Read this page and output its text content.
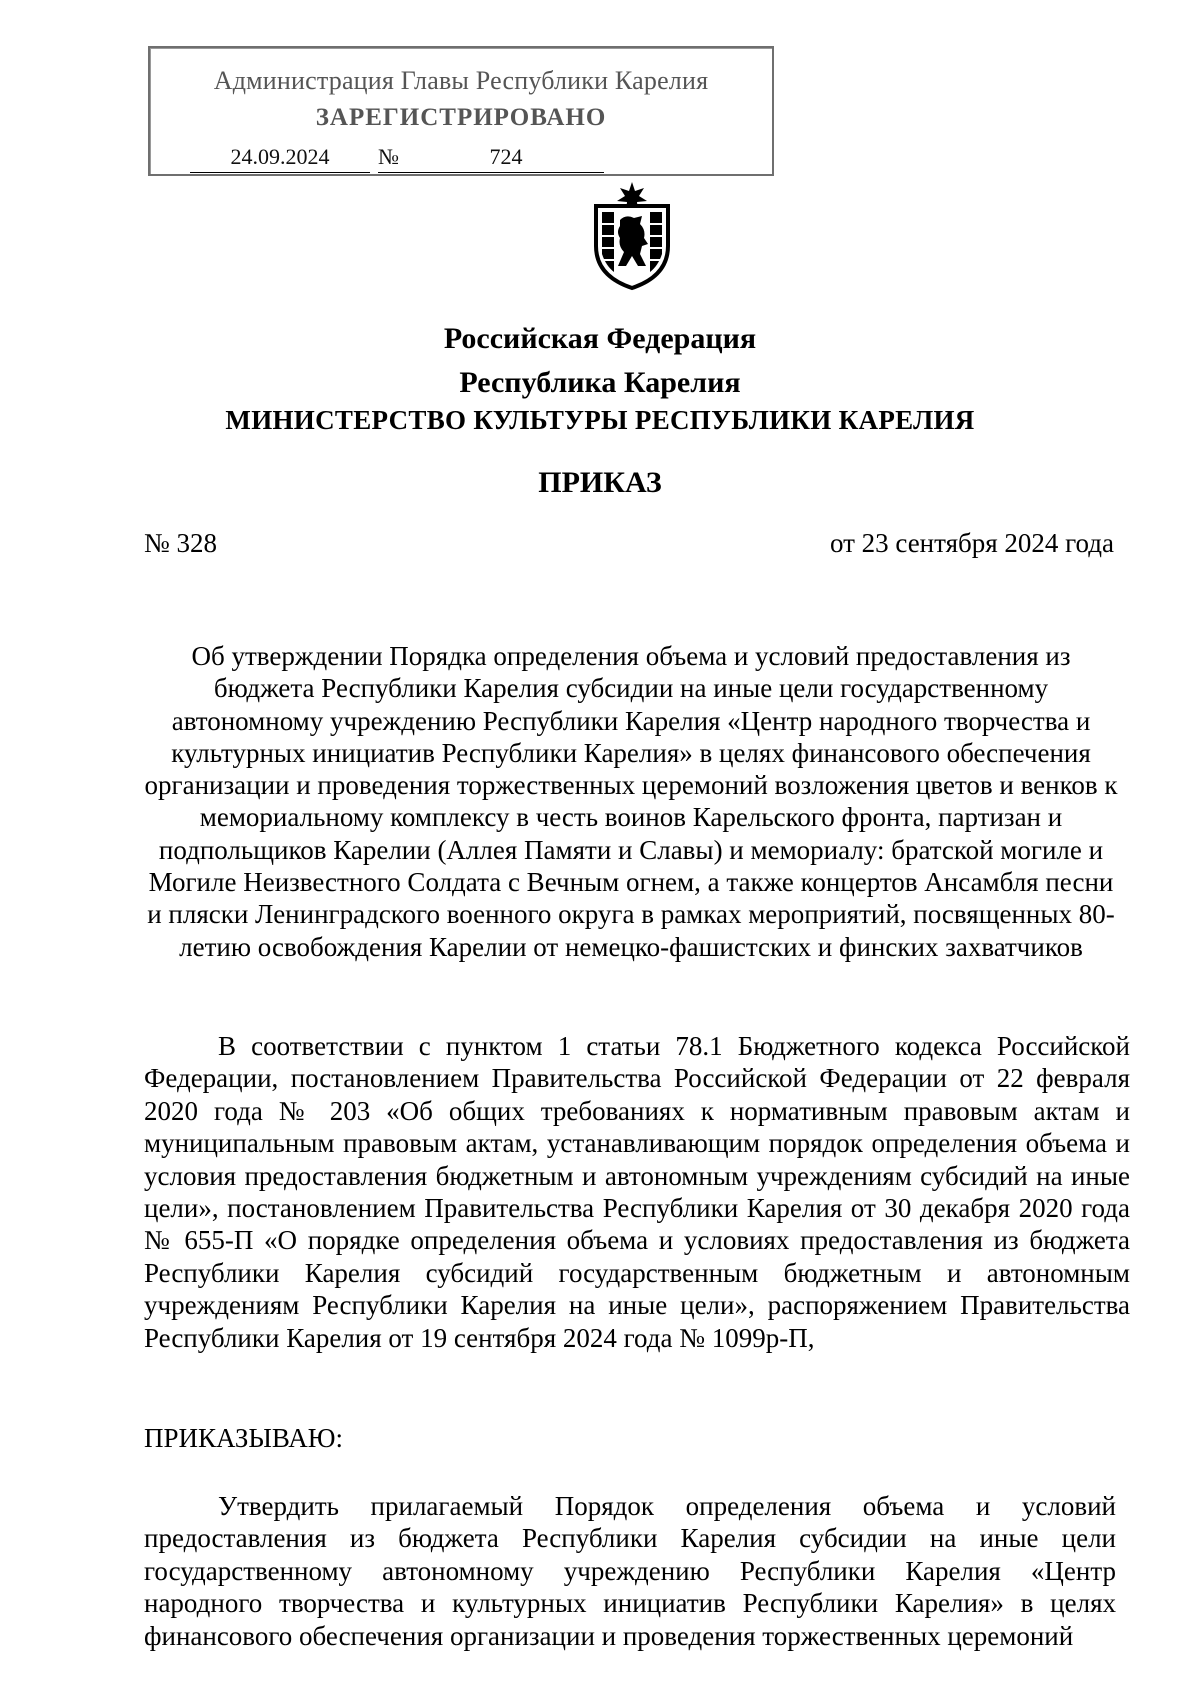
Администрация Главы Республики Карелия
ЗАРЕГИСТРИРОВАНО
24.09.2024	№	724
Российская Федерация
Республика Карелия
МИНИСТЕРСТВО КУЛЬТУРЫ РЕСПУБЛИКИ КАРЕЛИЯ
ПРИКАЗ
№ 328	от 23 сентября 2024 года
Об утверждении Порядка определения объема и условий предоставления из бюджета Республики Карелия субсидии на иные цели государственному автономному учреждению Республики Карелия «Центр народного творчества и культурных инициатив Республики Карелия» в целях финансового обеспечения организации и проведения торжественных церемоний возложения цветов и венков к мемориальному комплексу в честь воинов Карельского фронта, партизан и подпольщиков Карелии (Аллея Памяти и Славы) и мемориалу: братской могиле и Могиле Неизвестного Солдата с Вечным огнем, а также концертов Ансамбля песни и пляски Ленинградского военного округа в рамках мероприятий, посвященных 80-летию освобождения Карелии от немецко-фашистских и финских захватчиков
В соответствии с пунктом 1 статьи 78.1 Бюджетного кодекса Российской Федерации, постановлением Правительства Российской Федерации от 22 февраля 2020 года № 203 «Об общих требованиях к нормативным правовым актам и муниципальным правовым актам, устанавливающим порядок определения объема и условия предоставления бюджетным и автономным учреждениям субсидий на иные цели», постановлением Правительства Республики Карелия от 30 декабря 2020 года № 655-П «О порядке определения объема и условиях предоставления из бюджета Республики Карелия субсидий государственным бюджетным и автономным учреждениям Республики Карелия на иные цели», распоряжением Правительства Республики Карелия от 19 сентября 2024 года № 1099р-П,
ПРИКАЗЫВАЮ:
Утвердить прилагаемый Порядок определения объема и условий предоставления из бюджета Республики Карелия субсидии на иные цели государственному автономному учреждению Республики Карелия «Центр народного творчества и культурных инициатив Республики Карелия» в целях финансового обеспечения организации и проведения торжественных церемоний
